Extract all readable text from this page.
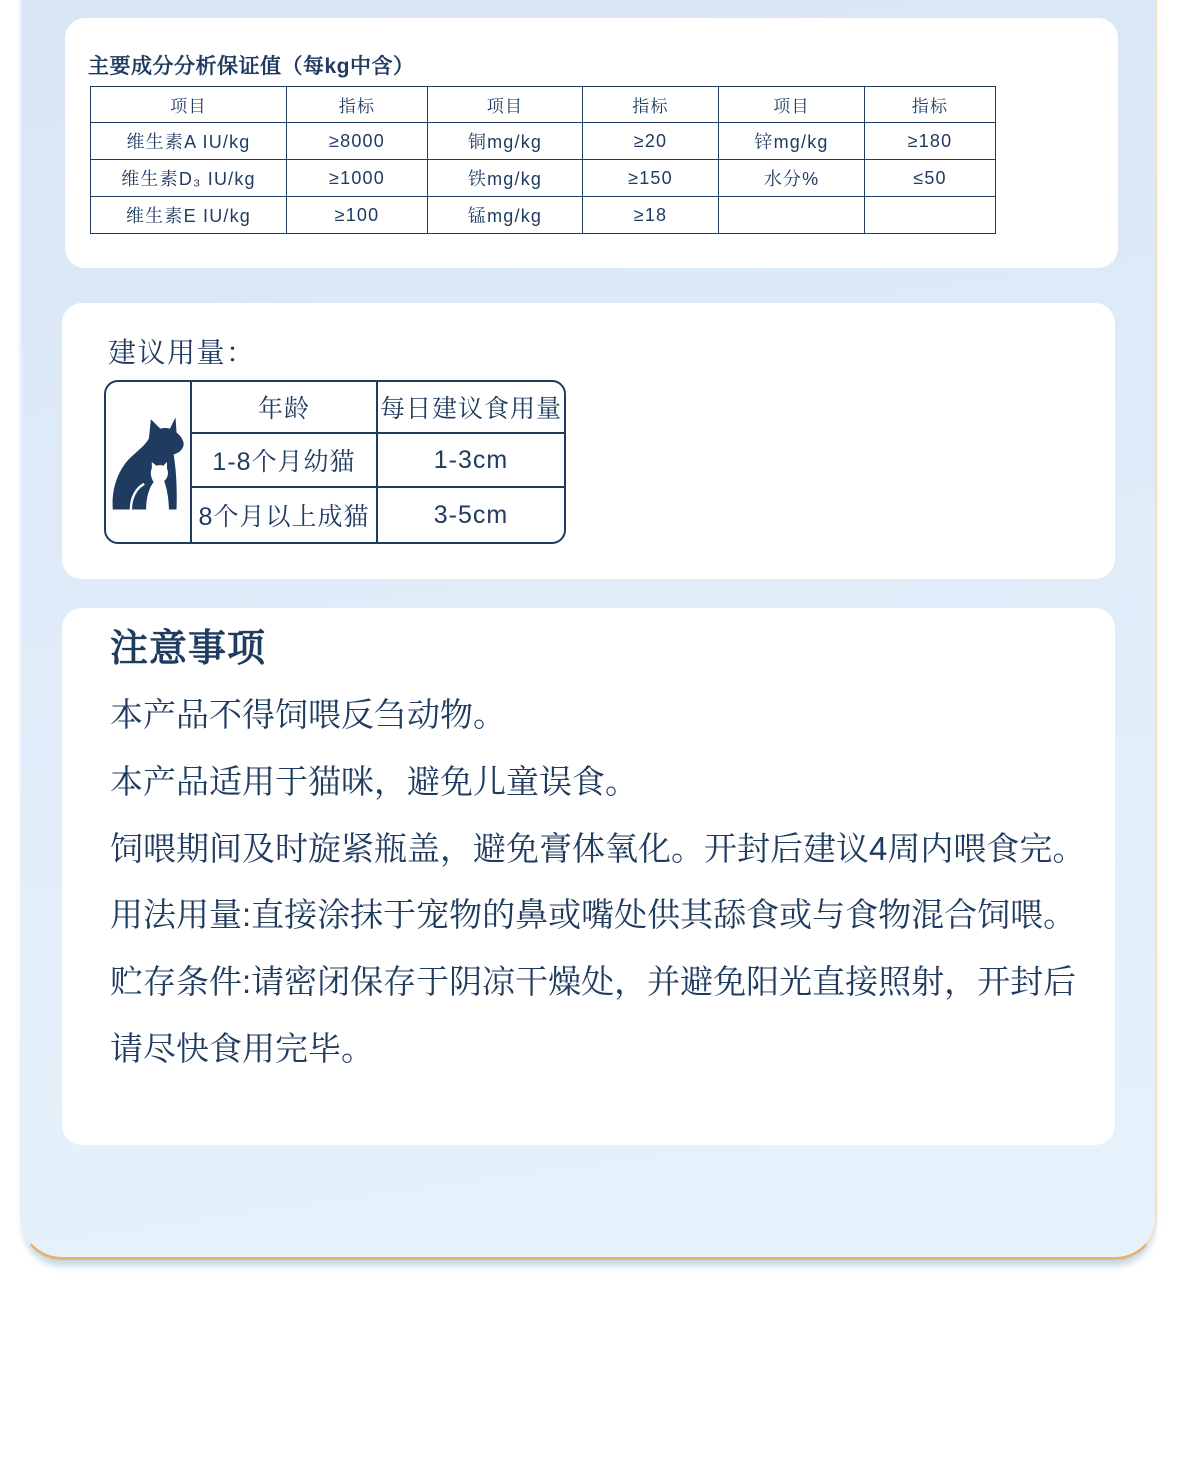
主要成分分析保证值（每kg中含）
项目	指标	项目	指标	项目	指标
维生素A IU/kg	≥8000	铜mg/kg	≥20	锌mg/kg	≥180
维生素D₃ IU/kg	≥1000	铁mg/kg	≥150	水分%	≤50
维生素E IU/kg	≥100	锰mg/kg	≥18		
建议用量：
年龄	每日建议食用量
1-8个月幼猫	1-3cm
8个月以上成猫	3-5cm
注意事项

本产品不得饲喂反刍动物。

本产品适用于猫咪，避免儿童误食。

饲喂期间及时旋紧瓶盖，避免膏体氧化。开封后建议4周内喂食完。

用法用量:直接涂抹于宠物的鼻或嘴处供其舔食或与食物混合饲喂。

贮存条件:请密闭保存于阴凉干燥处，并避免阳光直接照射，开封后请尽快食用完毕。
